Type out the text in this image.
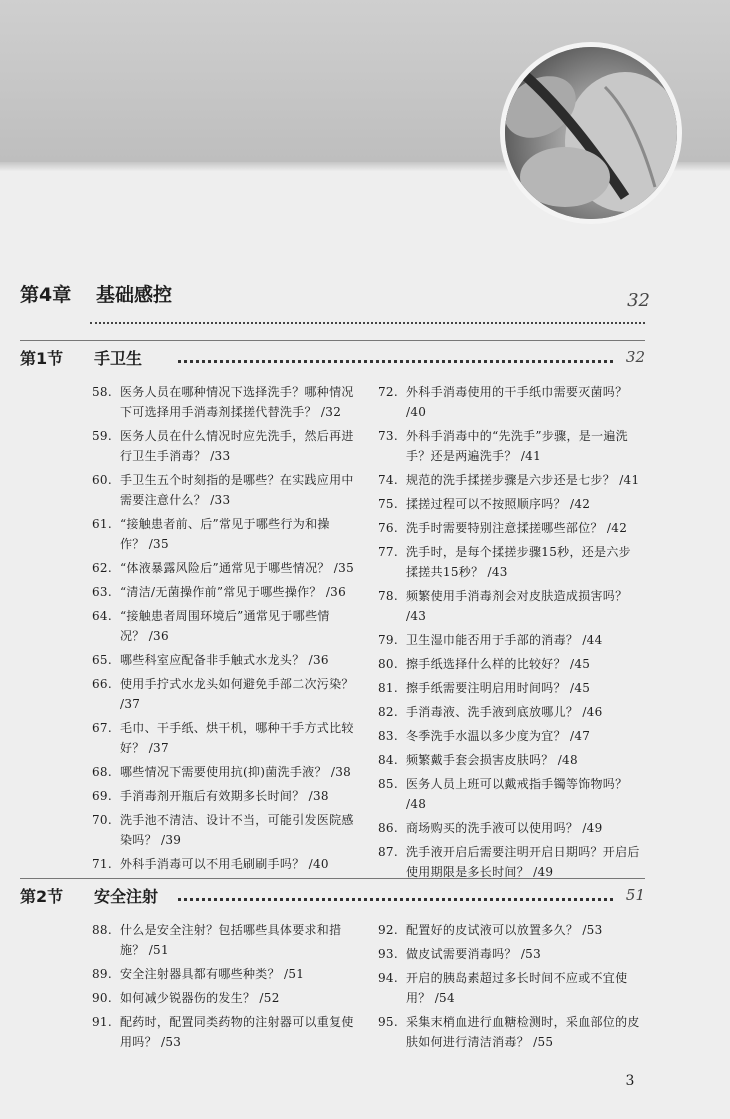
第4章	基础感控	32
第1节	手卫生	32
58. 医务人员在哪种情况下选择洗手？哪种情况下可选择用手消毒剂揉搓代替洗手？ /32
59. 医务人员在什么情况时应先洗手，然后再进行卫生手消毒？ /33
60. 手卫生五个时刻指的是哪些？在实践应用中需要注意什么？ /33
61. “接触患者前、后”常见于哪些行为和操作？ /35
62. “体液暴露风险后”通常见于哪些情况？ /35
63. “清洁/无菌操作前”常见于哪些操作？ /36
64. “接触患者周围环境后”通常见于哪些情况？ /36
65. 哪些科室应配备非手触式水龙头？ /36
66. 使用手拧式水龙头如何避免手部二次污染？ /37
67. 毛巾、干手纸、烘干机，哪种干手方式比较好？ /37
68. 哪些情况下需要使用抗(抑)菌洗手液？ /38
69. 手消毒剂开瓶后有效期多长时间？ /38
70. 洗手池不清洁、设计不当，可能引发医院感染吗？ /39
71. 外科手消毒可以不用毛刷刷手吗？ /40
72. 外科手消毒使用的干手纸巾需要灭菌吗？ /40
73. 外科手消毒中的“先洗手”步骤，是一遍洗手？还是两遍洗手？ /41
74. 规范的洗手揉搓步骤是六步还是七步？ /41
75. 揉搓过程可以不按照顺序吗？ /42
76. 洗手时需要特别注意揉搓哪些部位？ /42
77. 洗手时，是每个揉搓步骤15秒，还是六步揉搓共15秒？ /43
78. 频繁使用手消毒剂会对皮肤造成损害吗？ /43
79. 卫生湿巾能否用于手部的消毒？ /44
80. 擦手纸选择什么样的比较好？ /45
81. 擦手纸需要注明启用时间吗？ /45
82. 手消毒液、洗手液到底放哪儿？ /46
83. 冬季洗手水温以多少度为宜？ /47
84. 频繁戴手套会损害皮肤吗？ /48
85. 医务人员上班可以戴戒指手镯等饰物吗？ /48
86. 商场购买的洗手液可以使用吗？ /49
87. 洗手液开启后需要注明开启日期吗？开启后使用期限是多长时间？ /49
第2节	安全注射	51
88. 什么是安全注射？包括哪些具体要求和措施？ /51
89. 安全注射器具都有哪些种类？ /51
90. 如何减少锐器伤的发生？ /52
91. 配药时，配置同类药物的注射器可以重复使用吗？ /53
92. 配置好的皮试液可以放置多久？ /53
93. 做皮试需要消毒吗？ /53
94. 开启的胰岛素超过多长时间不应或不宜使用？ /54
95. 采集末梢血进行血糖检测时，采血部位的皮肤如何进行清洁消毒？ /55
3
